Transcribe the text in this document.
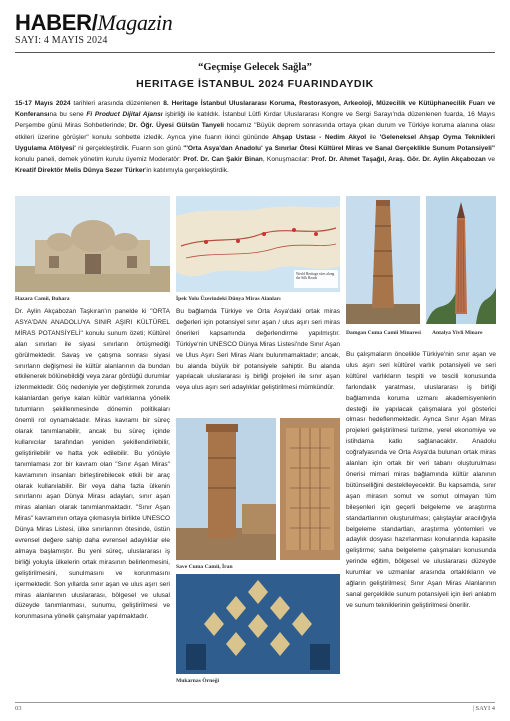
HABER/Magazin
SAYI: 4 MAYIS 2024
“Geçmişe Gelecek Sağla”
HERITAGE İSTANBUL 2024 FUARINDAYDIK
15-17 Mayıs 2024 tarihleri arasında düzenlenen 8. Heritage İstanbul Uluslararası Koruma, Restorasyon, Arkeoloji, Müzecilik ve Kütüphanecilik Fuarı ve Konferansına bu sene Fi Product Dijital Ajansı işbirliği ile katıldık. İstanbul Lütfi Kırdar Uluslararası Kongre ve Sergi Sarayı'nda düzenlenen fuarda, 16 Mayıs Perşembe günü Miras Sohbetlerinde; Dr. Öğr. Üyesi Gülsün Tanyeli hocamız "Büyük deprem sonrasında ortaya çıkan durum ve Türkiye koruma alanına olası etkileri üzerine görüşler" konulu sohbette izledik. Ayrıca yine fuarın ikinci gününde Ahşap Ustası - Nedim Akyol ile 'Geleneksel Ahşap Oyma Teknikleri Uygulama Atölyesi' ni gerçekleştirdik. Fuarın son günü "'Orta Asya'dan Anadolu' ya Sınırlar Ötesi Kültürel Miras ve Sanal Gerçeklikle Sunum Potansiyeli" konulu paneli, demek yönetim kurulu üyemiz Moderatör: Prof. Dr. Can Şakir Binan, Konuşmacılar: Prof. Dr. Ahmet Taşağıl, Araş. Gör. Dr. Aylin Akçabozan ve Kreatif Direktör Melis Dünya Sezer Türker'in katılımıyla gerçekleştirdik.
Hazara Camii, Buhara
World Heritage sites along the Silk Roads
İpek Yolu Üzerindeki Dünya Miras Alanları
Damgan Cuma Camii Minaresi Antalya Yivli Minare
Dr. Aylin Akçabozan Taşkıran'ın panelde ki "ORTA ASYA'DAN ANADOLUYA SINIR AŞIRI KÜLTÜREL MİRAS POTANSİYELİ" konulu sunum özeti; Kültürel alan sınırları ile siyasi sınırların örtüşmediği görülmektedir. Savaş ve çatışma sonrası siyasi sınırların değişmesi ile kültür alanlarının da bundan etkilenerek bölünebildiği veya zarar gördüğü durumlar izlenmektedir. Göç nedeniyle yer değiştirmek zorunda kalanlardan geriye kalan kültür varlıklarına yönelik tutumların şekillenmesinde dönemin politikaları önemli rol oynamaktadır. Miras kavramı bir süreç olarak tanımlanabilir, ancak bu süreç içinde kullanıcılar tarafından yeniden şekillendirilebilir, geliştirilebilir ve hatta yok edilebilir. Bu yönüyle tanımlaması zor bir kavram olan "Sınır Aşan Miras" kavramının insanları birleştirebilecek etkili bir araç olarak kullanılabilir. Bir veya daha fazla ülkenin sınırlarını aşan Dünya Mirası adayları, sınır aşan miras alanları olarak tanımlanmaktadır. "Sınır Aşan Miras" kavramının ortaya çıkmasıyla birlikte UNESCO Dünya Miras Listesi, ülke sınırlarının ötesinde, üstün evrensel değere sahip daha evrensel adaylıklar ele almaya başlamıştır. Bu yeni süreç, uluslararası iş birliği yoluyla ülkelerin ortak mirasının belirlenmesini, geliştirilmesini, sunulmasını ve korunmasını içermektedir. Son yıllarda sınır aşan ve ulus aşırı seri miras alanlarının uluslararası, bölgesel ve ulusal düzeyde tanımlanması, sunumu, geliştirilmesi ve korunmasına yönelik çalışmalar yapılmaktadır.
Bu bağlamda Türkiye ve Orta Asya'daki ortak miras değerleri için potansiyel sınır aşan / ulus aşırı seri miras önerileri kapsamında değerlendirme yapılmıştır. Türkiye'nin UNESCO Dünya Miras Listesi'nde Sınır Aşan ve Ulus Aşırı Seri Miras Alanı bulunmamaktadır; ancak, bu alanda büyük bir potansiyele sahiptir. Bu alanda yapılacak uluslararası iş birliği projeleri ile sınır aşan veya ulus aşırı seri adaylıklar geliştirilmesi mümkündür.
Save Cuma Camii, İran
Mukarnas Örneği
Bu çalışmaların öncelikle Türkiye'nin sınır aşan ve ulus aşırı seri kültürel varlık potansiyeli ve seri kültürel varlıkların tespiti ve tescili konusunda farkındalık yaratması, uluslararası iş birliği bağlamında koruma uzmanı akademisyenlerin desteği ile yapılacak çalışmalara yol gösterici olması hedeflenmektedir. Ayrıca Sınır Aşan Miras projeleri geliştirilmesi turizme, yerel ekonomiye ve istihdama katkı sağlanacaktır. Anadolu coğrafyasında ve Orta Asya'da bulunan ortak miras alanları için ortak bir veri tabanı oluşturulması önerisi mimari miras bağlamında kültür alanının bütünselliğini desteklleyecektir. Bu kapsamda, sınır aşan mirasın somut ve somut olmayan tüm bileşenleri için geçerli belgeleme ve araştırma standartlarının oluşturulması; çalıştaylar aracılığıyla belgeleme standartları, araştırma yöntemleri ve adaylık dosyası hazırlanması konularında kapasite geliştirme; saha belgeleme çalışmaları konusunda yerinde eğitim, bölgesel ve uluslararası düzeyde kurumlar ve uzmanlar arasında ortaklıkların ve ağların geliştirilmesi; Sınır Aşan Miras Alanlarının sanal gerçeklikle sunum potansiyeli için ileri anlatım ve sunum tekniklerinin geliştirilmesi önerilir.
03	| SAYI 4
